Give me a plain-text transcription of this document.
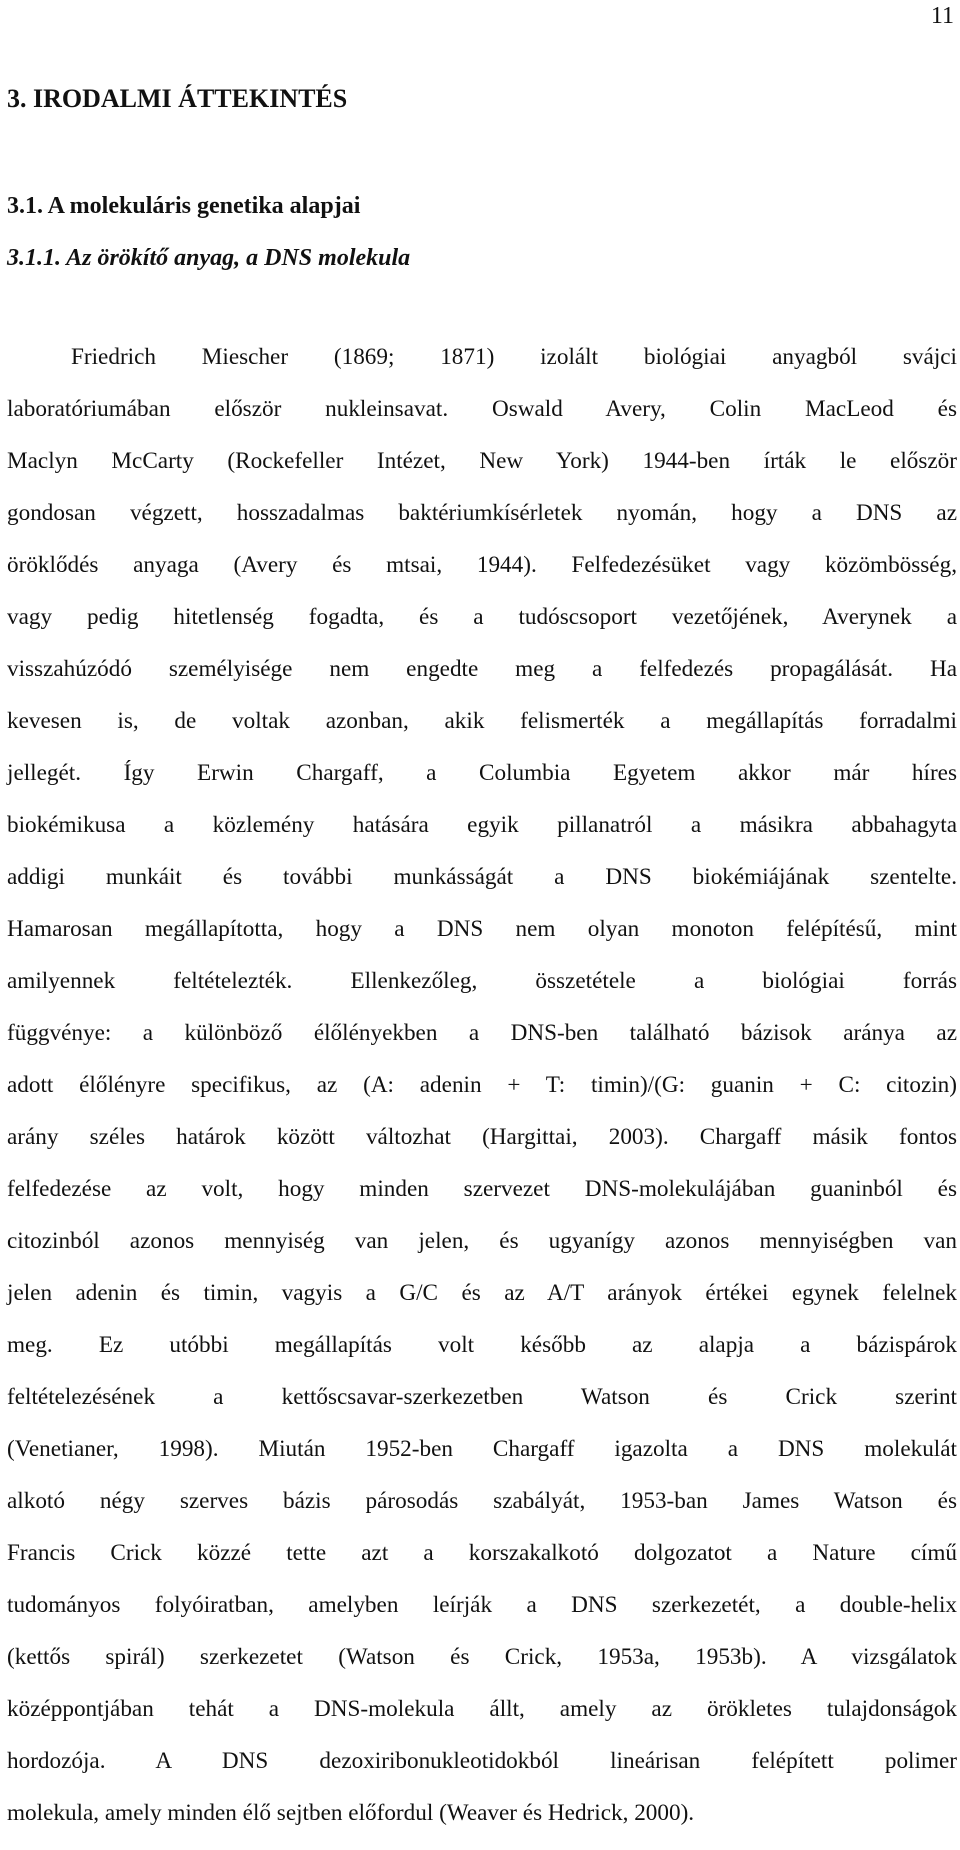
11
3. IRODALMI ÁTTEKINTÉS
3.1. A molekuláris genetika alapjai
3.1.1. Az örökítő anyag, a DNS molekula
Friedrich Miescher (1869; 1871) izolált biológiai anyagból svájci
laboratóriumában először nukleinsavat. Oswald Avery, Colin MacLeod és
Maclyn McCarty (Rockefeller Intézet, New York) 1944-ben írták le először
gondosan végzett, hosszadalmas baktériumkísérletek nyomán, hogy a DNS az
öröklődés anyaga (Avery és mtsai, 1944). Felfedezésüket vagy közömbösség,
vagy pedig hitetlenség fogadta, és a tudóscsoport vezetőjének, Averynek a
visszahúzódó személyisége nem engedte meg a felfedezés propagálását. Ha
kevesen is, de voltak azonban, akik felismerték a megállapítás forradalmi
jellegét. Így Erwin Chargaff, a Columbia Egyetem akkor már híres
biokémikusa a közlemény hatására egyik pillanatról a másikra abbahagyta
addigi munkáit és további munkásságát a DNS biokémiájának szentelte.
Hamarosan megállapította, hogy a DNS nem olyan monoton felépítésű, mint
amilyennek feltételezték. Ellenkezőleg, összetétele a biológiai forrás
függvénye: a különböző élőlényekben a DNS-ben található bázisok aránya az
adott élőlényre specifikus, az (A: adenin + T: timin)/(G: guanin + C: citozin)
arány széles határok között változhat (Hargittai, 2003). Chargaff másik fontos
felfedezése az volt, hogy minden szervezet DNS-molekulájában guaninból és
citozinból azonos mennyiség van jelen, és ugyanígy azonos mennyiségben van
jelen adenin és timin, vagyis a G/C és az A/T arányok értékei egynek felelnek
meg. Ez utóbbi megállapítás volt később az alapja a bázispárok
feltételezésének a kettőscsavar-szerkezetben Watson és Crick szerint
(Venetianer, 1998). Miután 1952-ben Chargaff igazolta a DNS molekulát
alkotó négy szerves bázis párosodás szabályát, 1953-ban James Watson és
Francis Crick közzé tette azt a korszakalkotó dolgozatot a Nature című
tudományos folyóiratban, amelyben leírják a DNS szerkezetét, a double-helix
(kettős spirál) szerkezetet (Watson és Crick, 1953a, 1953b). A vizsgálatok
középpontjában tehát a DNS-molekula állt, amely az örökletes tulajdonságok
hordozója. A DNS dezoxiribonukleotidokból lineárisan felépített polimer
molekula, amely minden élő sejtben előfordul (Weaver és Hedrick, 2000).
